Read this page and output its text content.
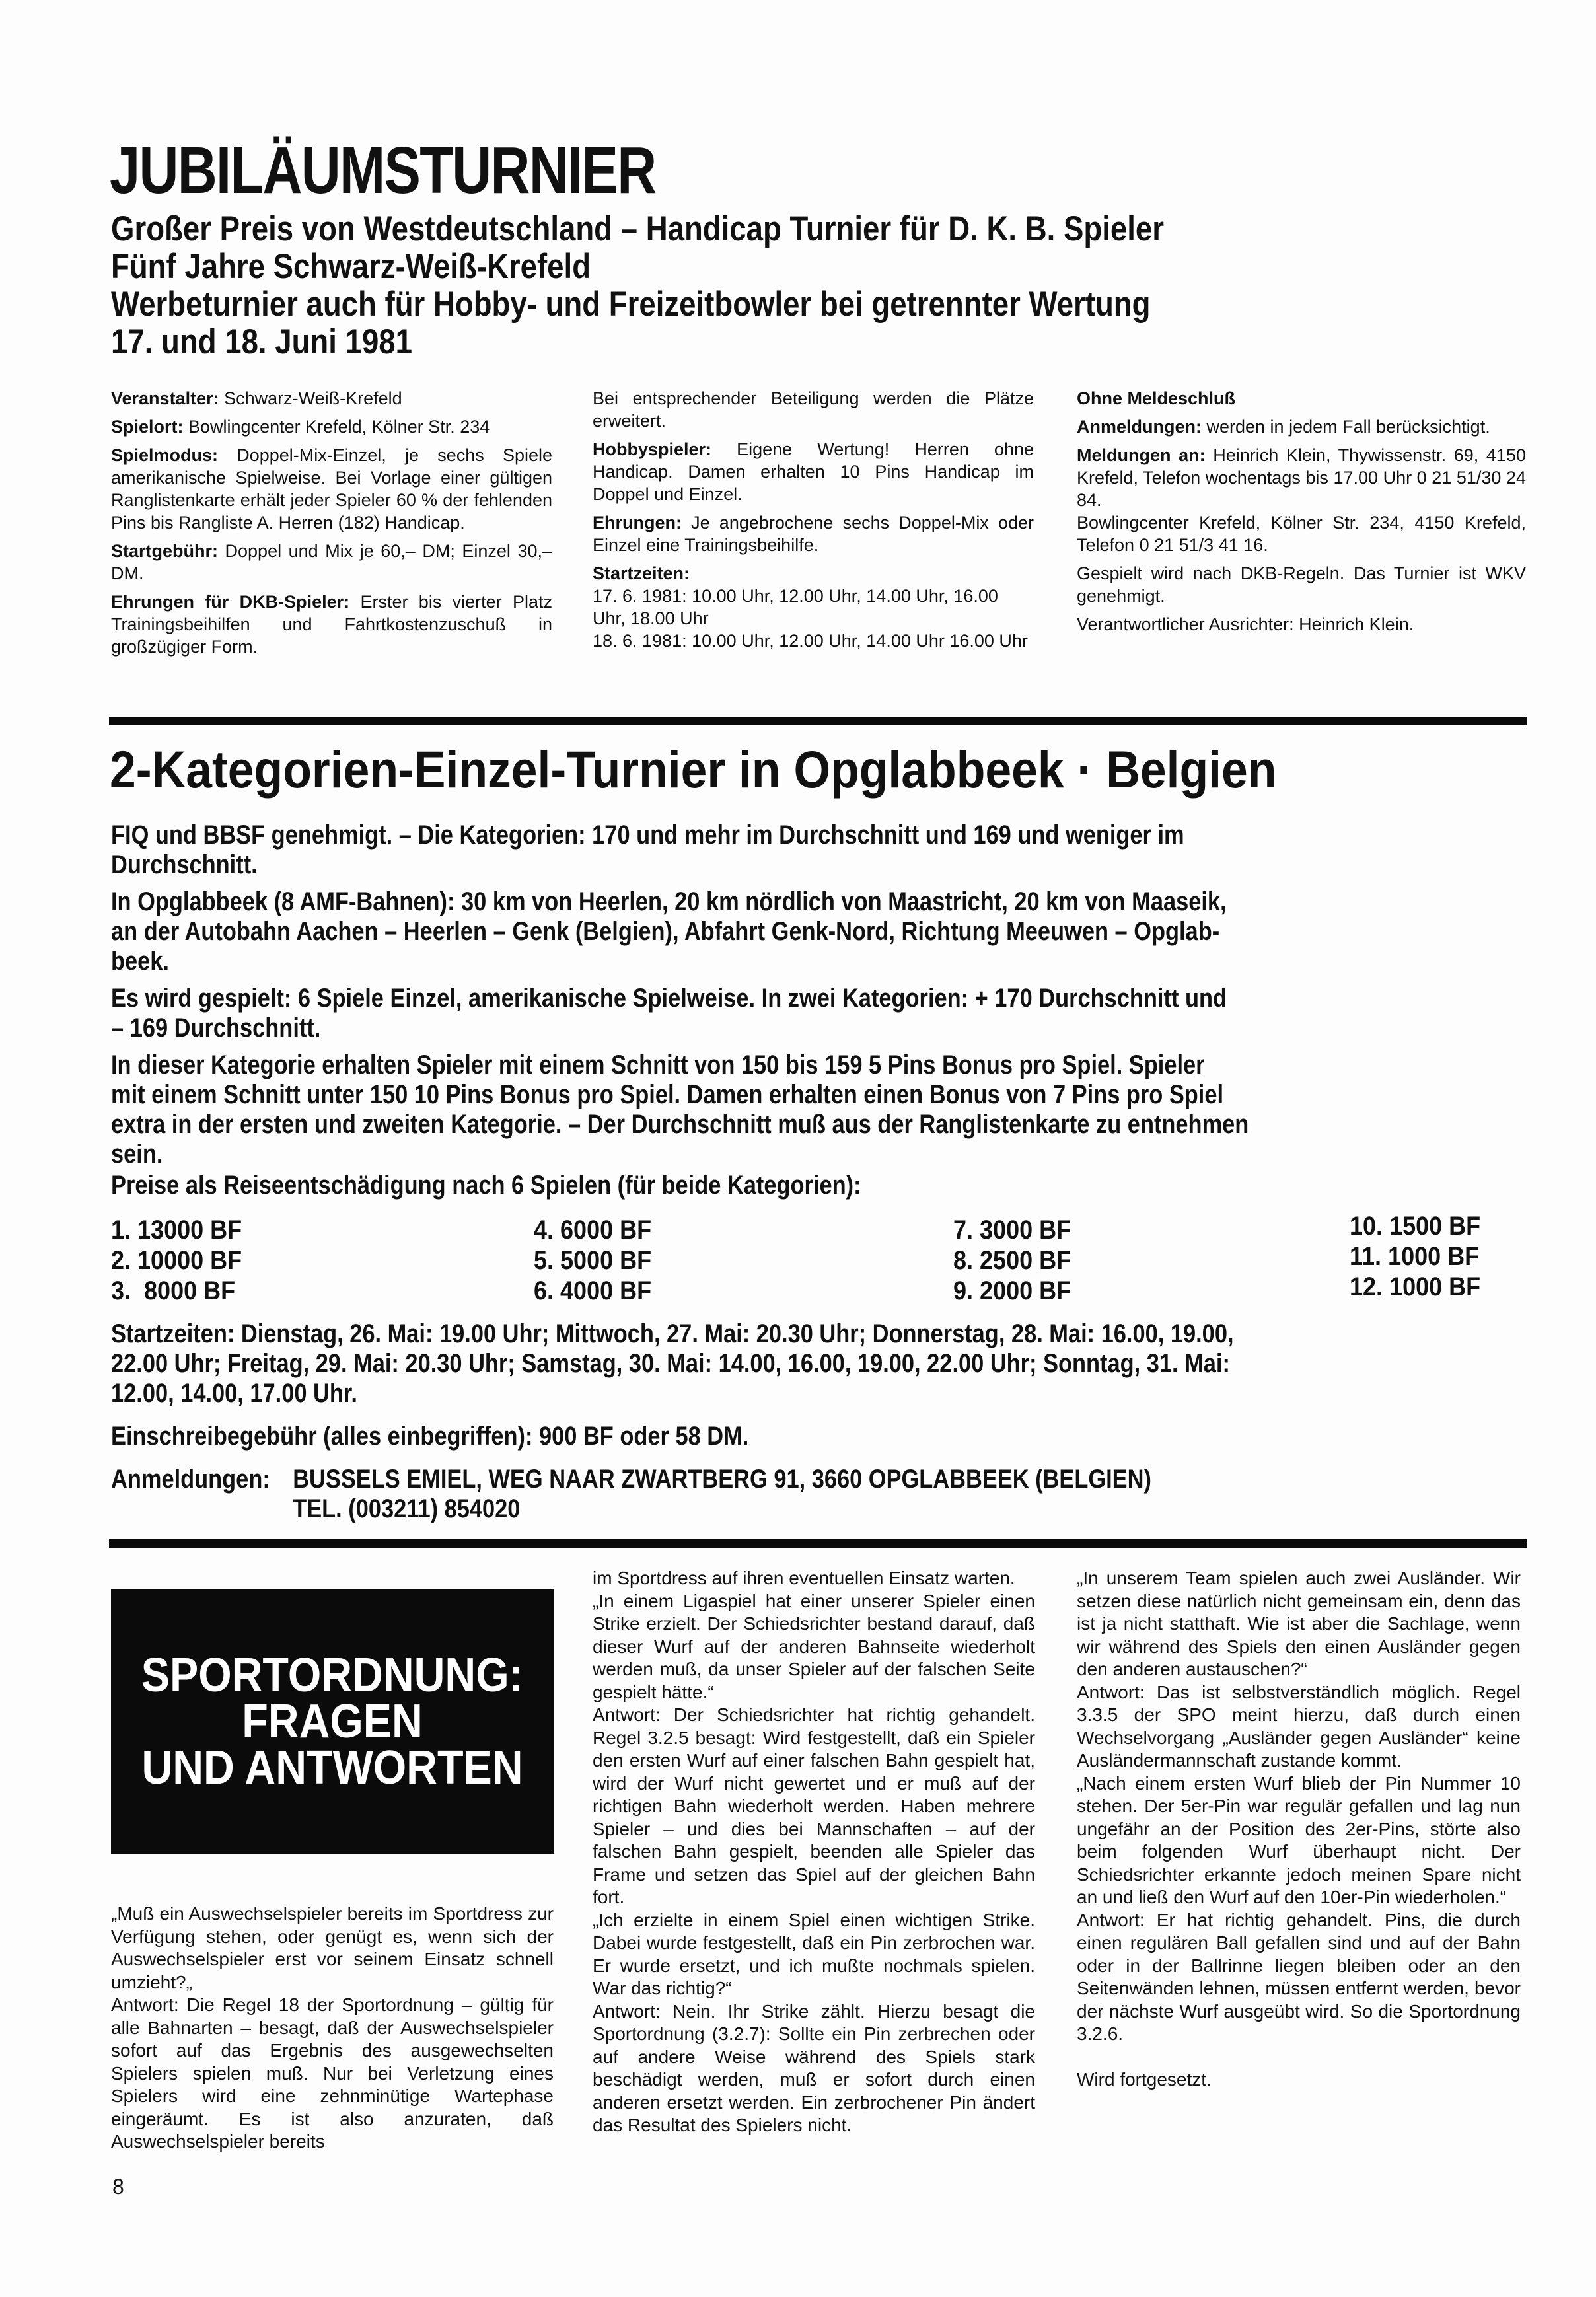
JUBILÄUMSTURNIER
Großer Preis von Westdeutschland – Handicap Turnier für D. K. B. Spieler
Fünf Jahre Schwarz-Weiß-Krefeld
Werbeturnier auch für Hobby- und Freizeitbowler bei getrennter Wertung
17. und 18. Juni 1981

Veranstalter: Schwarz-Weiß-Krefeld

Spielort: Bowlingcenter Krefeld, Kölner Str. 234

Spielmodus: Doppel-Mix-Einzel, je sechs Spiele amerikanische Spielweise. Bei Vorlage einer gültigen Ranglistenkarte erhält jeder Spieler 60 % der fehlenden Pins bis Rangliste A. Herren (182) Handicap.

Startgebühr: Doppel und Mix je 60,– DM; Einzel 30,– DM.

Ehrungen für DKB-Spieler: Erster bis vierter Platz Trainingsbeihilfen und Fahrtkostenzuschuß in großzügiger Form.

Bei entsprechender Beteiligung werden die Plätze erweitert.

Hobbyspieler: Eigene Wertung! Herren ohne Handicap. Damen erhalten 10 Pins Handicap im Doppel und Einzel.

Ehrungen: Je angebrochene sechs Doppel-Mix oder Einzel eine Trainingsbeihilfe.

Startzeiten:

17. 6. 1981: 10.00 Uhr, 12.00 Uhr, 14.00 Uhr, 16.00 Uhr, 18.00 Uhr

18. 6. 1981: 10.00 Uhr, 12.00 Uhr, 14.00 Uhr 16.00 Uhr

Ohne Meldeschluß

Anmeldungen: werden in jedem Fall berücksichtigt.

Meldungen an: Heinrich Klein, Thywissenstr. 69, 4150 Krefeld, Telefon wochentags bis 17.00 Uhr 0 21 51/30 24 84.

Bowlingcenter Krefeld, Kölner Str. 234, 4150 Krefeld, Telefon 0 21 51/3 41 16.

Gespielt wird nach DKB-Regeln. Das Turnier ist WKV genehmigt.

Verantwortlicher Ausrichter: Heinrich Klein.

2-Kategorien-Einzel-Turnier in Opglabbeek · Belgien

FIQ und BBSF genehmigt. – Die Kategorien: 170 und mehr im Durchschnitt und 169 und weniger im
Durchschnitt.

In Opglabbeek (8 AMF-Bahnen): 30 km von Heerlen, 20 km nördlich von Maastricht, 20 km von Maaseik,
an der Autobahn Aachen – Heerlen – Genk (Belgien), Abfahrt Genk-Nord, Richtung Meeuwen – Opglab-
beek.

Es wird gespielt: 6 Spiele Einzel, amerikanische Spielweise. In zwei Kategorien: + 170 Durchschnitt und
– 169 Durchschnitt.

In dieser Kategorie erhalten Spieler mit einem Schnitt von 150 bis 159 5 Pins Bonus pro Spiel. Spieler
mit einem Schnitt unter 150 10 Pins Bonus pro Spiel. Damen erhalten einen Bonus von 7 Pins pro Spiel
extra in der ersten und zweiten Kategorie. – Der Durchschnitt muß aus der Ranglistenkarte zu entnehmen
sein.

Preise als Reiseentschädigung nach 6 Spielen (für beide Kategorien):

1. 13000 BF
2. 10000 BF
3.  8000 BF
4. 6000 BF
5. 5000 BF
6. 4000 BF
7. 3000 BF
8. 2500 BF
9. 2000 BF
10. 1500 BF
11. 1000 BF
12. 1000 BF

Startzeiten: Dienstag, 26. Mai: 19.00 Uhr; Mittwoch, 27. Mai: 20.30 Uhr; Donnerstag, 28. Mai: 16.00, 19.00,
22.00 Uhr; Freitag, 29. Mai: 20.30 Uhr; Samstag, 30. Mai: 14.00, 16.00, 19.00, 22.00 Uhr; Sonntag, 31. Mai:
12.00, 14.00, 17.00 Uhr.

Einschreibegebühr (alles einbegriffen): 900 BF oder 58 DM.

Anmeldungen: BUSSELS EMIEL, WEG NAAR ZWARTBERG 91, 3660 OPGLABBEEK (BELGIEN)
TEL. (003211) 854020
SPORTORDNUNG:
FRAGEN
UND ANTWORTEN

„Muß ein Auswechselspieler bereits im Sportdress zur Verfügung stehen, oder genügt es, wenn sich der Auswechselspieler erst vor seinem Einsatz schnell umzieht?„

Antwort: Die Regel 18 der Sportordnung – gültig für alle Bahnarten – besagt, daß der Auswechselspieler sofort auf das Ergebnis des ausgewechselten Spielers spielen muß. Nur bei Verletzung eines Spielers wird eine zehnminütige Wartephase eingeräumt. Es ist also anzuraten, daß Auswechselspieler bereits

im Sportdress auf ihren eventuellen Einsatz warten.

„In einem Ligaspiel hat einer unserer Spieler einen Strike erzielt. Der Schiedsrichter bestand darauf, daß dieser Wurf auf der anderen Bahnseite wiederholt werden muß, da unser Spieler auf der falschen Seite gespielt hätte.“

Antwort: Der Schiedsrichter hat richtig gehandelt. Regel 3.2.5 besagt: Wird festgestellt, daß ein Spieler den ersten Wurf auf einer falschen Bahn gespielt hat, wird der Wurf nicht gewertet und er muß auf der richtigen Bahn wiederholt werden. Haben mehrere Spieler – und dies bei Mannschaften – auf der falschen Bahn gespielt, beenden alle Spieler das Frame und setzen das Spiel auf der gleichen Bahn fort.

„Ich erzielte in einem Spiel einen wichtigen Strike. Dabei wurde festgestellt, daß ein Pin zerbrochen war. Er wurde ersetzt, und ich mußte nochmals spielen. War das richtig?“

Antwort: Nein. Ihr Strike zählt. Hierzu besagt die Sportordnung (3.2.7): Sollte ein Pin zerbrechen oder auf andere Weise während des Spiels stark beschädigt werden, muß er sofort durch einen anderen ersetzt werden. Ein zerbrochener Pin ändert das Resultat des Spielers nicht.

„In unserem Team spielen auch zwei Ausländer. Wir setzen diese natürlich nicht gemeinsam ein, denn das ist ja nicht statthaft. Wie ist aber die Sachlage, wenn wir während des Spiels den einen Ausländer gegen den anderen austauschen?“

Antwort: Das ist selbstverständlich möglich. Regel 3.3.5 der SPO meint hierzu, daß durch einen Wechselvorgang „Ausländer gegen Ausländer“ keine Ausländermannschaft zustande kommt.

„Nach einem ersten Wurf blieb der Pin Nummer 10 stehen. Der 5er-Pin war regulär gefallen und lag nun ungefähr an der Position des 2er-Pins, störte also beim folgenden Wurf überhaupt nicht. Der Schiedsrichter erkannte jedoch meinen Spare nicht an und ließ den Wurf auf den 10er-Pin wiederholen.“

Antwort: Er hat richtig gehandelt. Pins, die durch einen regulären Ball gefallen sind und auf der Bahn oder in der Ballrinne liegen bleiben oder an den Seitenwänden lehnen, müssen entfernt werden, bevor der nächste Wurf ausgeübt wird. So die Sportordnung 3.2.6.

Wird fortgesetzt.

8
